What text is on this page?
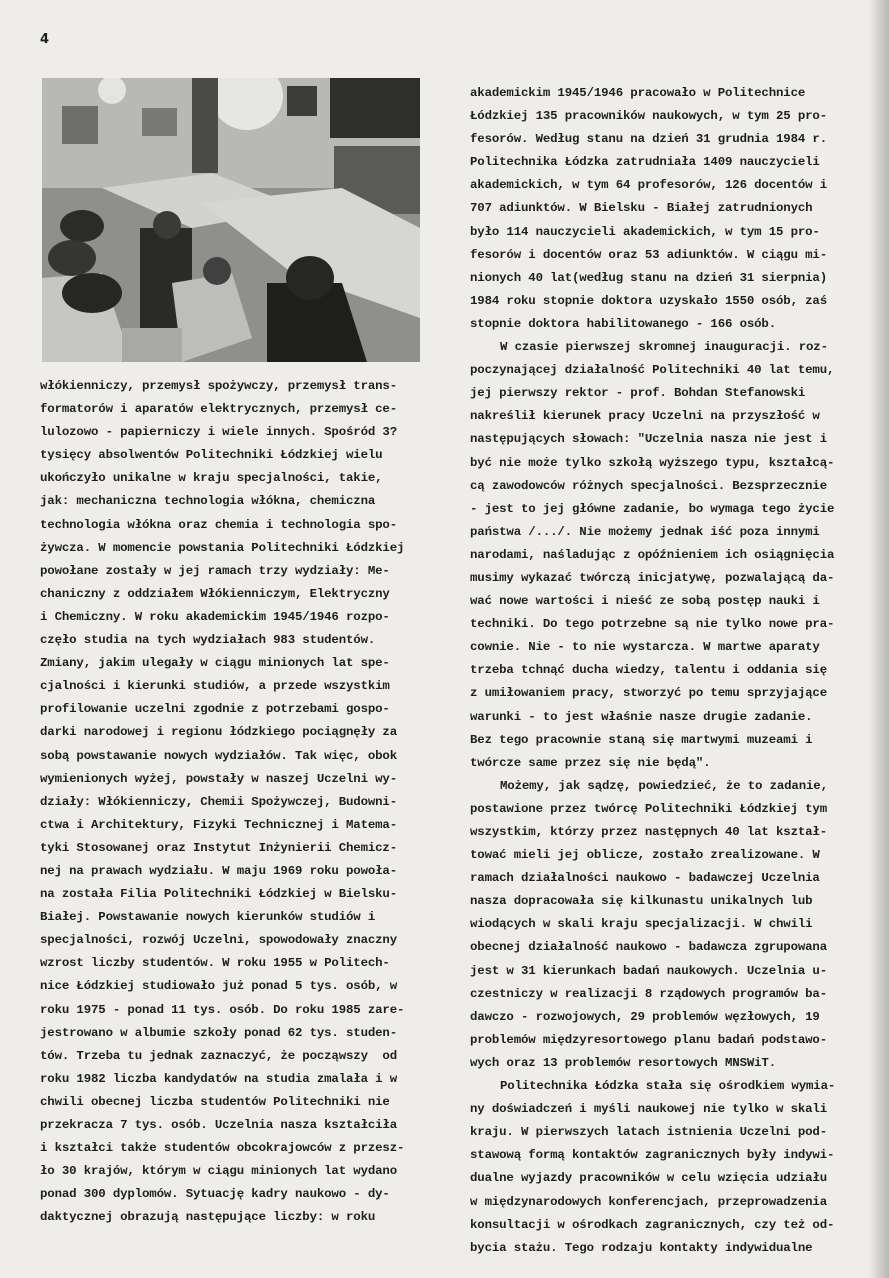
4
włókienniczy, przemysł spożywczy, przemysł trans-
formatorów i aparatów elektrycznych, przemysł ce-
lulozowo - papierniczy i wiele innych. Spośród 3?
tysięcy absolwentów Politechniki Łódzkiej wielu
ukończyło unikalne w kraju specjalności, takie,
jak: mechaniczna technologia włókna, chemiczna
technologia włókna oraz chemia i technologia spo-
żywcza. W momencie powstania Politechniki Łódzkiej
powołane zostały w jej ramach trzy wydziały: Me-
chaniczny z oddziałem Włókienniczym, Elektryczny
i Chemiczny. W roku akademickim 1945/1946 rozpo-
częło studia na tych wydziałach 983 studentów.
Zmiany, jakim ulegały w ciągu minionych lat spe-
cjalności i kierunki studiów, a przede wszystkim
profilowanie uczelni zgodnie z potrzebami gospo-
darki narodowej i regionu łódzkiego pociągnęły za
sobą powstawanie nowych wydziałów. Tak więc, obok
wymienionych wyżej, powstały w naszej Uczelni wy-
działy: Włókienniczy, Chemii Spożywczej, Budowni-
ctwa i Architektury, Fizyki Technicznej i Matema-
tyki Stosowanej oraz Instytut Inżynierii Chemicz-
nej na prawach wydziału. W maju 1969 roku powoła-
na została Filia Politechniki Łódzkiej w Bielsku-
Białej. Powstawanie nowych kierunków studiów i
specjalności, rozwój Uczelni, spowodowały znaczny
wzrost liczby studentów. W roku 1955 w Politech-
nice Łódzkiej studiowało już ponad 5 tys. osób, w
roku 1975 - ponad 11 tys. osób. Do roku 1985 zare-
jestrowano w albumie szkoły ponad 62 tys. studen-
tów. Trzeba tu jednak zaznaczyć, że począwszy  od
roku 1982 liczba kandydatów na studia zmalała i w
chwili obecnej liczba studentów Politechniki nie
przekracza 7 tys. osób. Uczelnia nasza kształciła
i kształci także studentów obcokrajowców z przesz-
ło 30 krajów, którym w ciągu minionych lat wydano
ponad 300 dyplomów. Sytuację kadry naukowo - dy-
daktycznej obrazują następujące liczby: w roku
akademickim 1945/1946 pracowało w Politechnice
Łódzkiej 135 pracowników naukowych, w tym 25 pro-
fesorów. Według stanu na dzień 31 grudnia 1984 r.
Politechnika Łódzka zatrudniała 1409 nauczycieli
akademickich, w tym 64 profesorów, 126 docentów i
707 adiunktów. W Bielsku - Białej zatrudnionych
było 114 nauczycieli akademickich, w tym 15 pro-
fesorów i docentów oraz 53 adiunktów. W ciągu mi-
nionych 40 lat(według stanu na dzień 31 sierpnia)
1984 roku stopnie doktora uzyskało 1550 osób, zaś
stopnie doktora habilitowanego - 166 osób.
W czasie pierwszej skromnej inauguracji. roz-
poczynającej działalność Politechniki 40 lat temu,
jej pierwszy rektor - prof. Bohdan Stefanowski
nakreślił kierunek pracy Uczelni na przyszłość w
następujących słowach: "Uczelnia nasza nie jest i
być nie może tylko szkołą wyższego typu, kształcą-
cą zawodowców różnych specjalności. Bezsprzecznie
- jest to jej główne zadanie, bo wymaga tego życie
państwa /.../. Nie możemy jednak iść poza innymi
narodami, naśladując z opóźnieniem ich osiągnięcia
musimy wykazać twórczą inicjatywę, pozwalającą da-
wać nowe wartości i nieść ze sobą postęp nauki i
techniki. Do tego potrzebne są nie tylko nowe pra-
cownie. Nie - to nie wystarcza. W martwe aparaty
trzeba tchnąć ducha wiedzy, talentu i oddania się
z umiłowaniem pracy, stworzyć po temu sprzyjające
warunki - to jest właśnie nasze drugie zadanie.
Bez tego pracownie staną się martwymi muzeami i
twórcze same przez się nie będą".
Możemy, jak sądzę, powiedzieć, że to zadanie,
postawione przez twórcę Politechniki Łódzkiej tym
wszystkim, którzy przez następnych 40 lat kształ-
tować mieli jej oblicze, zostało zrealizowane. W
ramach działalności naukowo - badawczej Uczelnia
nasza dopracowała się kilkunastu unikalnych lub
wiodących w skali kraju specjalizacji. W chwili
obecnej działalność naukowo - badawcza zgrupowana
jest w 31 kierunkach badań naukowych. Uczelnia u-
czestniczy w realizacji 8 rządowych programów ba-
dawczo - rozwojowych, 29 problemów węzłowych, 19
problemów międzyresortowego planu badań podstawo-
wych oraz 13 problemów resortowych MNSWiT.
Politechnika Łódzka stała się ośrodkiem wymia-
ny doświadczeń i myśli naukowej nie tylko w skali
kraju. W pierwszych latach istnienia Uczelni pod-
stawową formą kontaktów zagranicznych były indywi-
dualne wyjazdy pracowników w celu wzięcia udziału
w międzynarodowych konferencjach, przeprowadzenia
konsultacji w ośrodkach zagranicznych, czy też od-
bycia stażu. Tego rodzaju kontakty indywidualne
